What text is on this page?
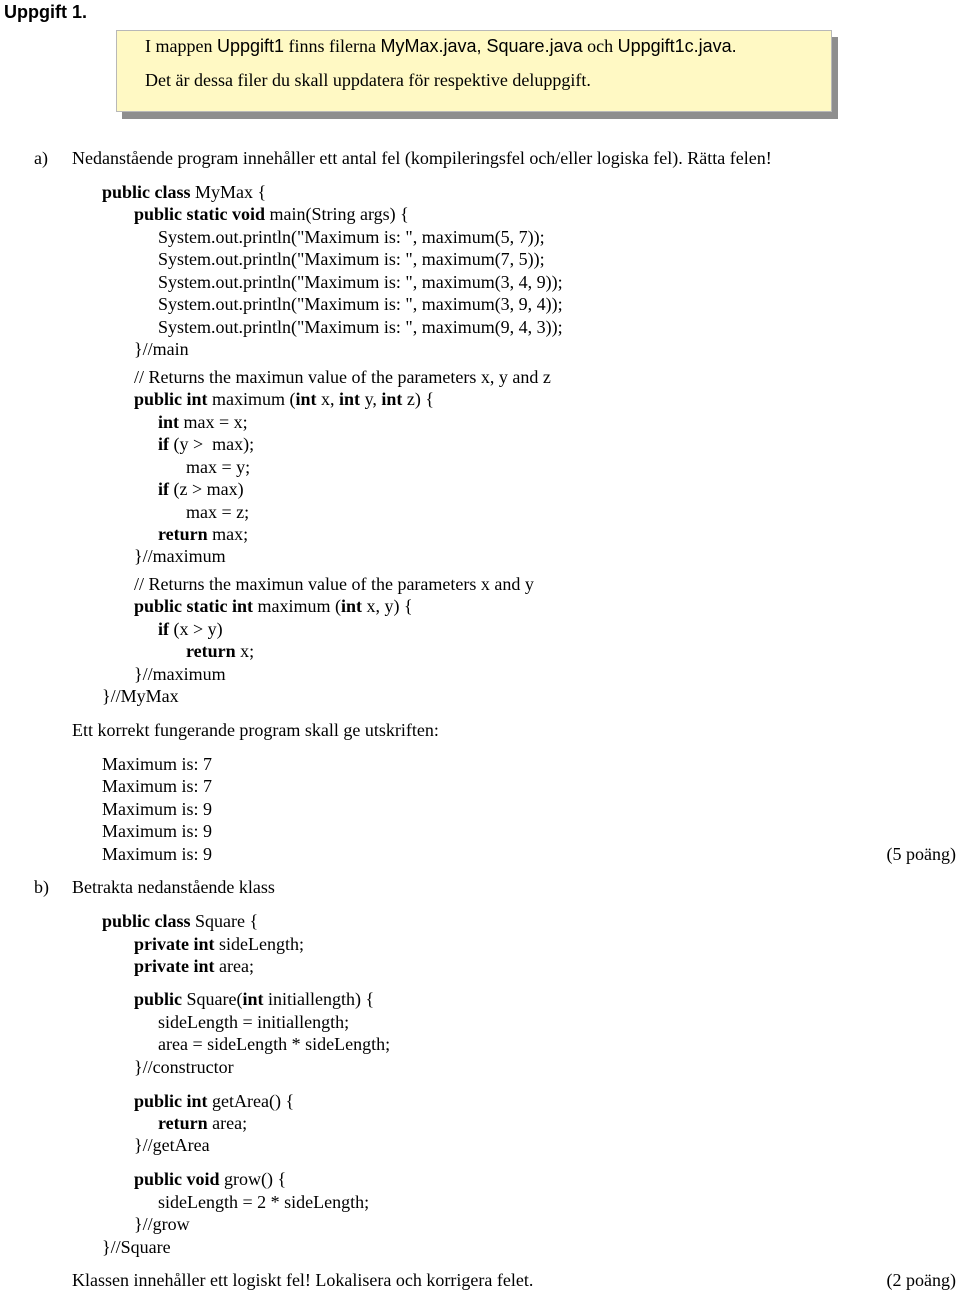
Uppgift 1.
I mappen Uppgift1 finns filerna MyMax.java, Square.java och Uppgift1c.java.
Det är dessa filer du skall uppdatera för respektive deluppgift.
a) Nedanstående program innehåller ett antal fel (kompileringsfel och/eller logiska fel). Rätta felen!
public class MyMax {
public static void main(String args) {
System.out.println("Maximum is: ", maximum(5, 7));
System.out.println("Maximum is: ", maximum(7, 5));
System.out.println("Maximum is: ", maximum(3, 4, 9));
System.out.println("Maximum is: ", maximum(3, 9, 4));
System.out.println("Maximum is: ", maximum(9, 4, 3));
}//main
// Returns the maximun value of the parameters x, y and z
public int maximum (int x, int y, int z) {
int max = x;
if (y >  max);
max = y;
if (z > max)
max = z;
return max;
}//maximum
// Returns the maximun value of the parameters x and y
public static int maximum (int x, y) {
if (x > y)
return x;
}//maximum
}//MyMax
Ett korrekt fungerande program skall ge utskriften:
Maximum is: 7
Maximum is: 7
Maximum is: 9
Maximum is: 9
Maximum is: 9	(5 poäng)
b) Betrakta nedanstående klass
public class Square {
private int sideLength;
private int area;
public Square(int initiallength) {
sideLength = initiallength;
area = sideLength * sideLength;
}//constructor
public int getArea() {
return area;
}//getArea
public void grow() {
sideLength = 2 * sideLength;
}//grow
}//Square
Klassen innehåller ett logiskt fel! Lokalisera och korrigera felet.	(2 poäng)
